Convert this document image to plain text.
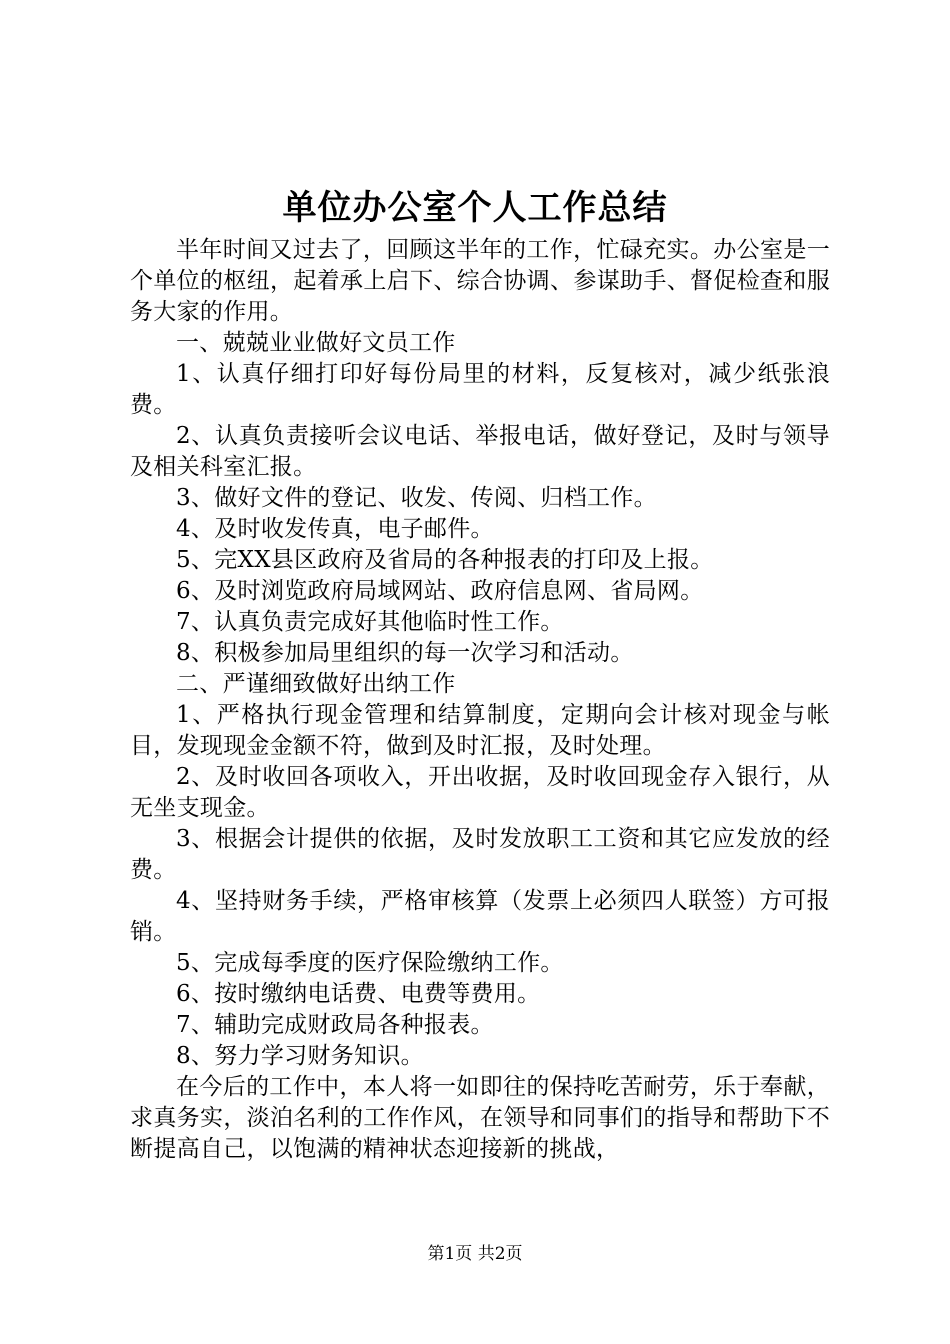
单位办公室个人工作总结

半年时间又过去了，回顾这半年的工作，忙碌充实。办公室是一个单位的枢纽，起着承上启下、综合协调、参谋助手、督促检查和服务大家的作用。

一、兢兢业业做好文员工作

1、认真仔细打印好每份局里的材料，反复核对，减少纸张浪费。

2、认真负责接听会议电话、举报电话，做好登记，及时与领导及相关科室汇报。

3、做好文件的登记、收发、传阅、归档工作。

4、及时收发传真，电子邮件。

5、完XX县区政府及省局的各种报表的打印及上报。

6、及时浏览政府局域网站、政府信息网、省局网。

7、认真负责完成好其他临时性工作。

8、积极参加局里组织的每一次学习和活动。

二、严谨细致做好出纳工作

1、严格执行现金管理和结算制度，定期向会计核对现金与帐目，发现现金金额不符，做到及时汇报，及时处理。

2、及时收回各项收入，开出收据，及时收回现金存入银行，从无坐支现金。

3、根据会计提供的依据，及时发放职工工资和其它应发放的经费。

4、坚持财务手续，严格审核算（发票上必须四人联签）方可报销。

5、完成每季度的医疗保险缴纳工作。

6、按时缴纳电话费、电费等费用。

7、辅助完成财政局各种报表。

8、努力学习财务知识。

在今后的工作中，本人将一如即往的保持吃苦耐劳，乐于奉献，求真务实，淡泊名利的工作作风，在领导和同事们的指导和帮助下不断提高自己，以饱满的精神状态迎接新的挑战，

第1页 共2页
